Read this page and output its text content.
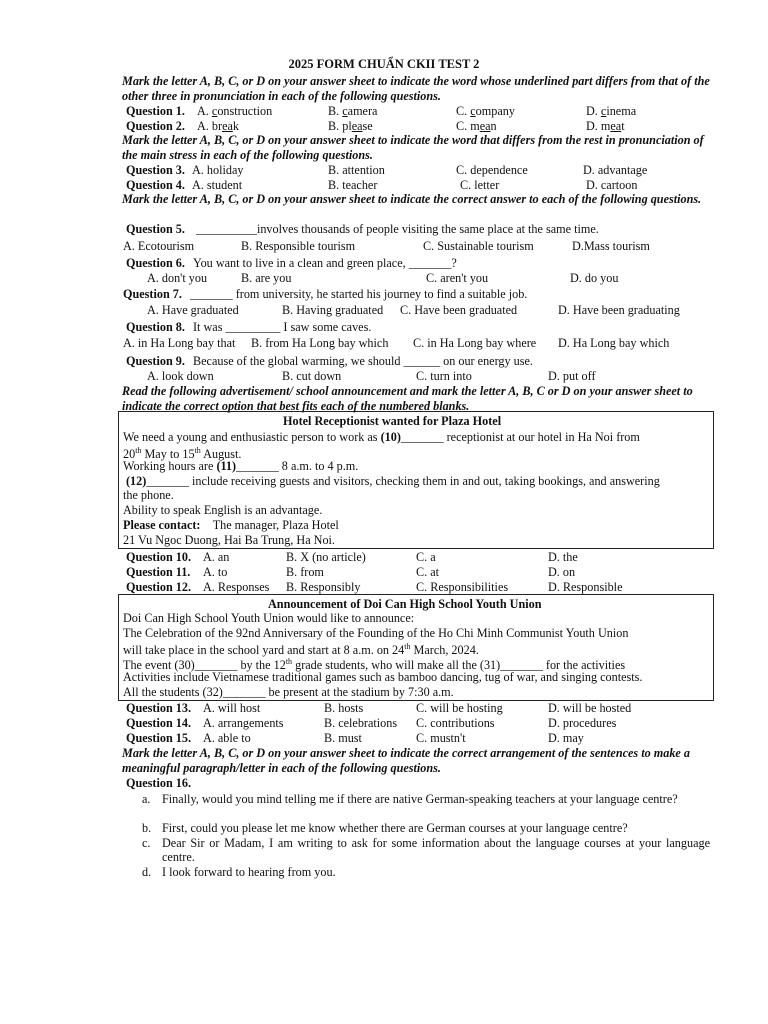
2025 FORM CHUẨN CKII TEST 2
Mark the letter A, B, C, or D on your answer sheet to indicate the word whose underlined part differs from that of the other three in pronunciation in each of the following questions.
Question 1. A. construction	B. camera	C. company	D. cinema
Question 2. A. break	B. please	C. mean	D. meat
Mark the letter A, B, C, or D on your answer sheet to indicate the word that differs from the rest in pronunciation of the main stress in each of the following questions.
Question 3. A. holiday	B. attention	C. dependence	D. advantage
Question 4. A. student	B. teacher	C. letter	D. cartoon
Mark the letter A, B, C, or D on your answer sheet to indicate the correct answer to each of the following questions.
Question 5. __________involves thousands of people visiting the same place at the same time.
A. Ecotourism	B. Responsible tourism	C. Sustainable tourism	D.Mass tourism
Question 6. You want to live in a clean and green place, _______?
A. don't you	B. are you	C. aren't you	D. do you
Question 7. _______ from university, he started his journey to find a suitable job.
A. Have graduated	B. Having graduated C. Have been graduated	D. Have been graduating
Question 8. It was _________ I saw some caves.
A. in Ha Long bay that B. from Ha Long bay which C. in Ha Long bay where D. Ha Long bay which
Question 9. Because of the global warming, we should ______ on our energy use.
A. look down	B. cut down	C. turn into	D. put off
Read the following advertisement/ school announcement and mark the letter A, B, C or D on your answer sheet to indicate the correct option that best fits each of the numbered blanks.
Hotel Receptionist wanted for Plaza Hotel
We need a young and enthusiastic person to work as (10)_______ receptionist at our hotel in Ha Noi from
20th May to 15th August.
Working hours are (11)_______ 8 a.m. to 4 p.m.
(12)_______ include receiving guests and visitors, checking them in and out, taking bookings, and answering
the phone.
Ability to speak English is an advantage.
Please contact: The manager, Plaza Hotel
21 Vu Ngoc Duong, Hai Ba Trung, Ha Noi.
Question 10. A. an	B. X (no article)	C. a	D. the
Question 11. A. to	B. from	C. at	D. on
Question 12. A. Responses B. Responsibly	C. Responsibilities	D. Responsible
Announcement of Doi Can High School Youth Union
Doi Can High School Youth Union would like to announce:
The Celebration of the 92nd Anniversary of the Founding of the Ho Chi Minh Communist Youth Union
will take place in the school yard and start at 8 a.m. on 24th March, 2024.
The event (30)_______ by the 12th grade students, who will make all the (31)_______ for the activities
Activities include Vietnamese traditional games such as bamboo dancing, tug of war, and singing contests.
All the students (32)_______ be present at the stadium by 7:30 a.m.
Question 13. A. will host	B. hosts	C. will be hosting	D. will be hosted
Question 14. A. arrangements	B. celebrations C. contributions	D. procedures
Question 15. A. able to	B. must	C. mustn't	D. may
Mark the letter A, B, C, or D on your answer sheet to indicate the correct arrangement of the sentences to make a meaningful paragraph/letter in each of the following questions.
Question 16.
a. Finally, would you mind telling me if there are native German-speaking teachers at your language centre?
b. First, could you please let me know whether there are German courses at your language centre?
c. Dear Sir or Madam, I am writing to ask for some information about the language courses at your language centre.
d. I look forward to hearing from you.
